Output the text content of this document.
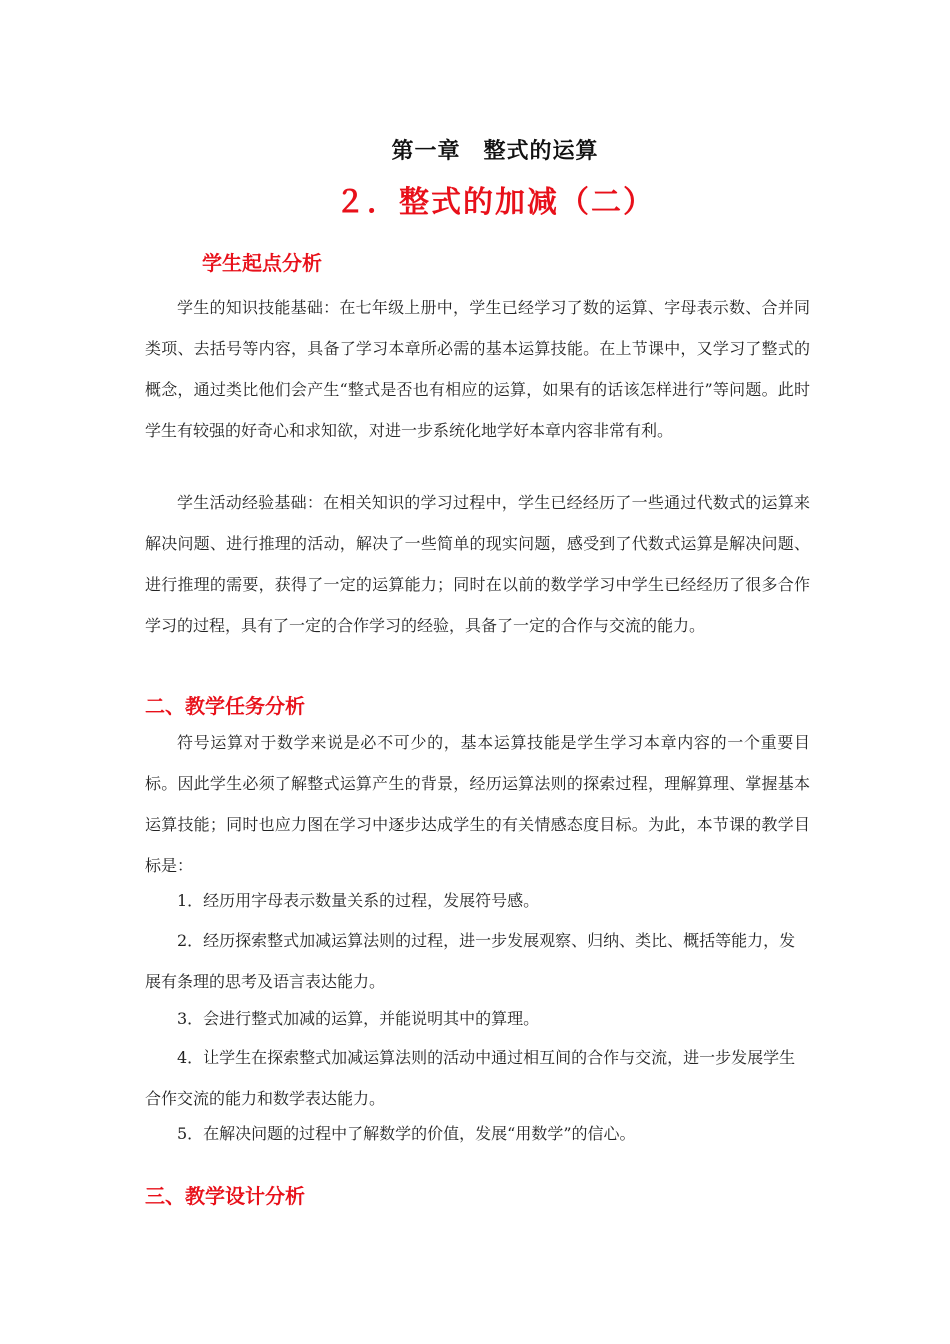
第一章　整式的运算
２．整式的加减（二）
学生起点分析

学生的知识技能基础：在七年级上册中，学生已经学习了数的运算、字母表示数、合并同类项、去括号等内容，具备了学习本章所必需的基本运算技能。在上节课中，又学习了整式的概念，通过类比他们会产生“整式是否也有相应的运算，如果有的话该怎样进行”等问题。此时学生有较强的好奇心和求知欲，对进一步系统化地学好本章内容非常有利。

学生活动经验基础：在相关知识的学习过程中，学生已经经历了一些通过代数式的运算来解决问题、进行推理的活动，解决了一些简单的现实问题，感受到了代数式运算是解决问题、进行推理的需要，获得了一定的运算能力；同时在以前的数学学习中学生已经经历了很多合作学习的过程，具有了一定的合作学习的经验，具备了一定的合作与交流的能力。

二、教学任务分析

符号运算对于数学来说是必不可少的，基本运算技能是学生学习本章内容的一个重要目标。因此学生必须了解整式运算产生的背景，经历运算法则的探索过程，理解算理、掌握基本运算技能；同时也应力图在学习中逐步达成学生的有关情感态度目标。为此，本节课的教学目标是：

1．经历用字母表示数量关系的过程，发展符号感。

2．经历探索整式加减运算法则的过程，进一步发展观察、归纳、类比、概括等能力，发展有条理的思考及语言表达能力。

3．会进行整式加减的运算，并能说明其中的算理。

4．让学生在探索整式加减运算法则的活动中通过相互间的合作与交流，进一步发展学生合作交流的能力和数学表达能力。

5．在解决问题的过程中了解数学的价值，发展“用数学”的信心。

三、教学设计分析
